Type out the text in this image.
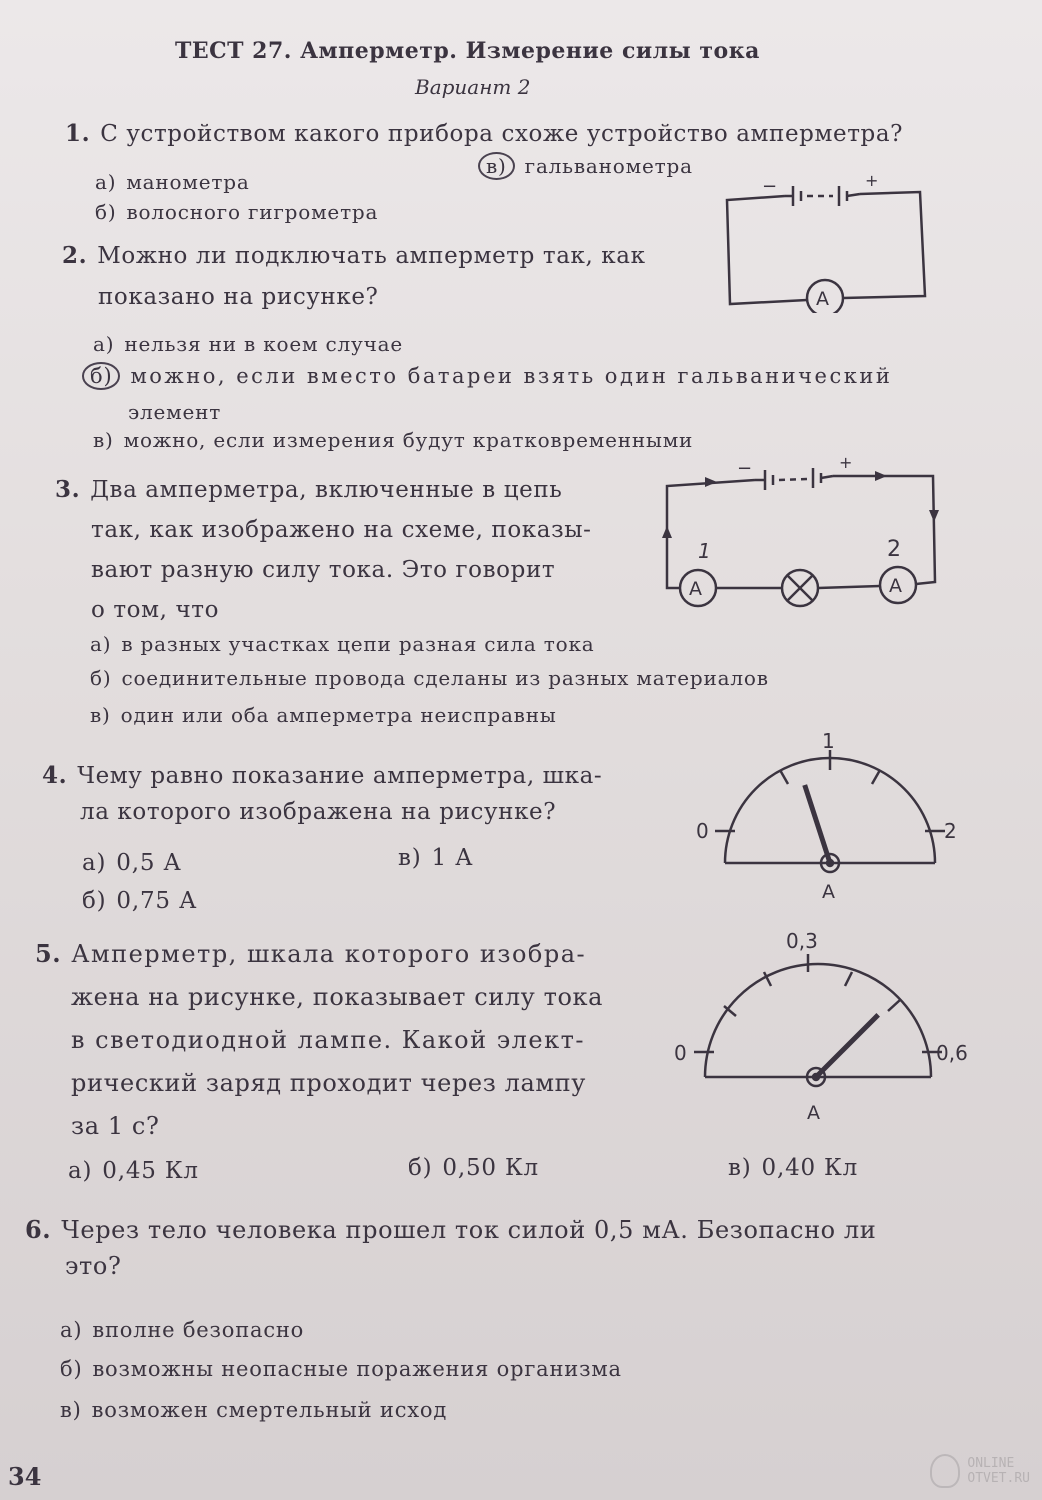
ТЕСТ 27. Амперметр. Измерение силы тока
Вариант 2
1. С устройством какого прибора схоже устройство амперметра?
а) манометра
б) волосного гигрометра
в) гальванометра
−	+
A
2. Можно ли подключать амперметр так, как
показано на рисунке?
а) нельзя ни в коем случае
б) можно, если вместо батареи взять один гальванический
элемент
в) можно, если измерения будут кратковременными
3. Два амперметра, включенные в цепь
так, как изображено на схеме, показы-
вают разную силу тока. Это говорит
о том, что
−	+
1	2
A	A
а) в разных участках цепи разная сила тока
б) соединительные провода сделаны из разных материалов
в) один или оба амперметра неисправны
4. Чему равно показание амперметра, шка-
ла которого изображена на рисунке?
а) 0,5 А
б) 0,75 А
в) 1 А
0
1
2
A
5. Амперметр, шкала которого изобра-
жена на рисунке, показывает силу тока
в светодиодной лампе. Какой элект-
рический заряд проходит через лампу
за 1 с?
0
0,3
0,6
A
а) 0,45 Кл	б) 0,50 Кл	в) 0,40 Кл
6. Через тело человека прошел ток силой 0,5 мА. Безопасно ли
это?
а) вполне безопасно
б) возможны неопасные поражения организма
в) возможен смертельный исход
34	ONLINE
OTVET.RU
